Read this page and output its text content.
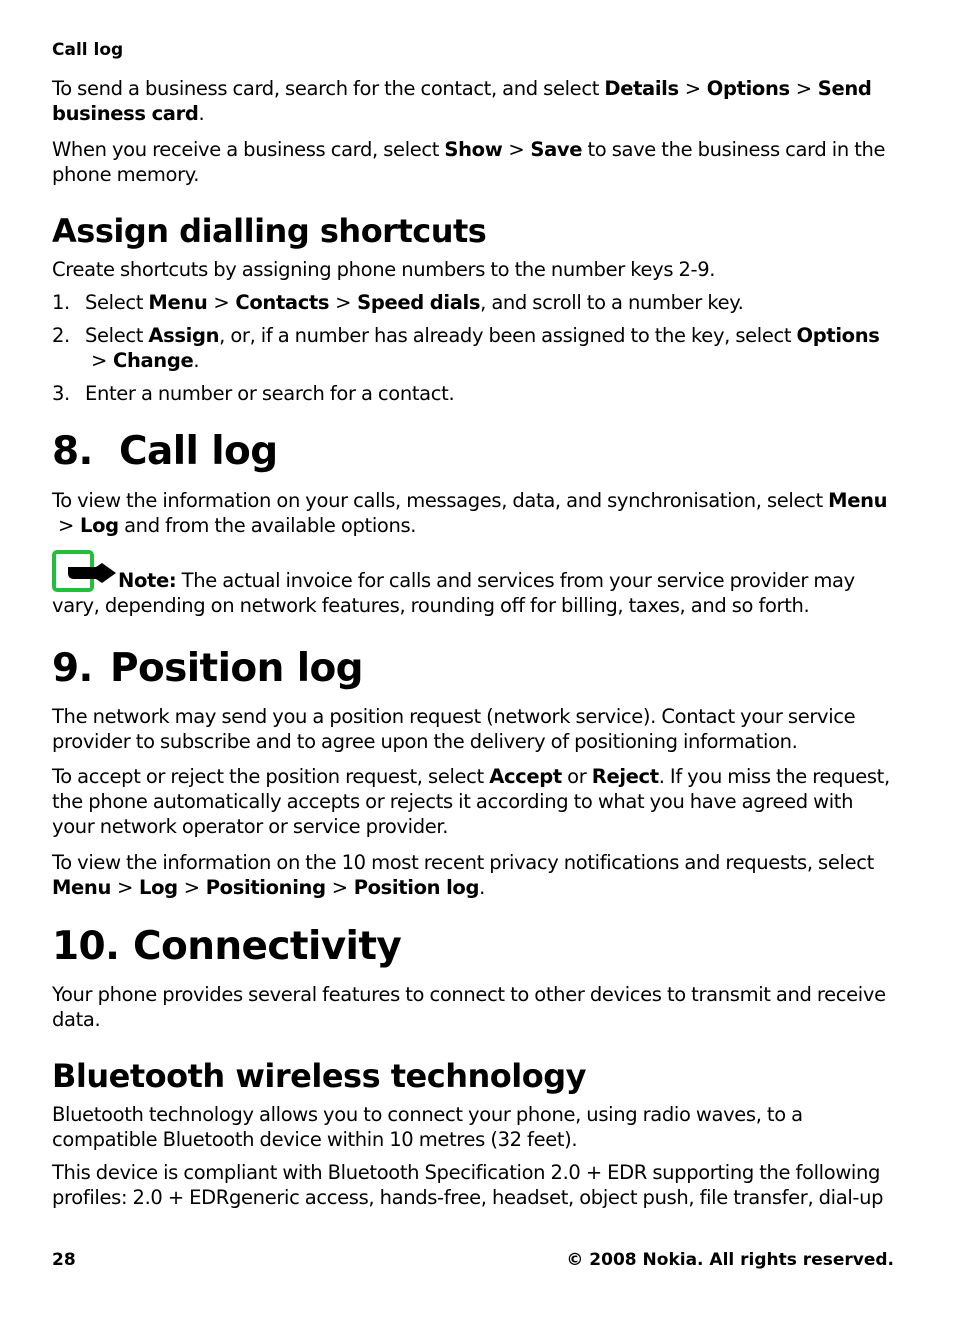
Call log

To send a business card, search for the contact, and select Details > Options > Send business card.

When you receive a business card, select Show > Save to save the business card in the phone memory.

Assign dialling shortcuts

Create shortcuts by assigning phone numbers to the number keys 2-9.

1. Select Menu > Contacts > Speed dials, and scroll to a number key.
2. Select Assign, or, if a number has already been assigned to the key, select Options> Change.
3. Enter a number or search for a contact.
8. Call log

To view the information on your calls, messages, data, and synchronisation, select Menu> Log and from the available options.

Note: The actual invoice for calls and services from your service provider may vary, depending on network features, rounding off for billing, taxes, and so forth.

9. Position log

The network may send you a position request (network service). Contact your service provider to subscribe and to agree upon the delivery of positioning information.

To accept or reject the position request, select Accept or Reject. If you miss the request, the phone automatically accepts or rejects it according to what you have agreed with your network operator or service provider.

To view the information on the 10 most recent privacy notifications and requests, select Menu > Log > Positioning > Position log.

10. Connectivity

Your phone provides several features to connect to other devices to transmit and receive data.

Bluetooth wireless technology

Bluetooth technology allows you to connect your phone, using radio waves, to a compatible Bluetooth device within 10 metres (32 feet).

This device is compliant with Bluetooth Specification 2.0 + EDR supporting the following profiles: 2.0 + EDRgeneric access, hands-free, headset, object push, file transfer, dial-up

28	© 2008 Nokia. All rights reserved.
